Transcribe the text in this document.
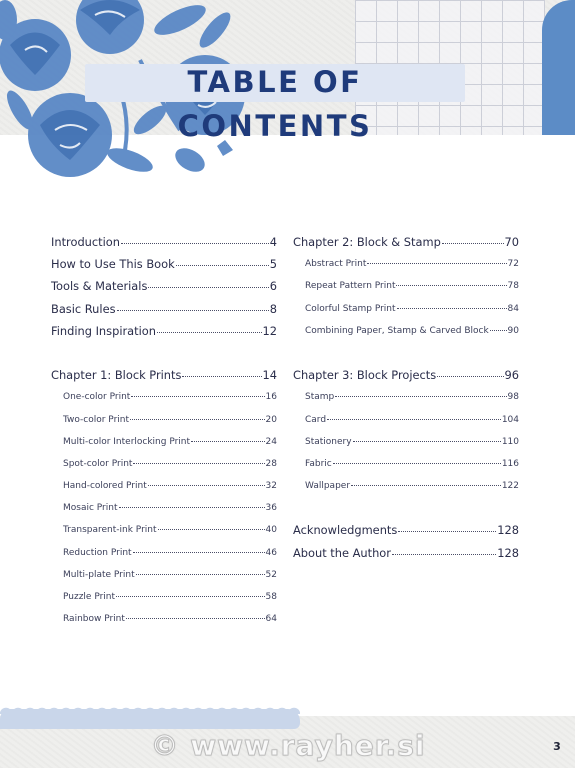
TABLE OF CONTENTS
Introduction	4
How to Use This Book	5
Tools & Materials	6
Basic Rules	8
Finding Inspiration	12
Chapter 1: Block Prints	14
One-color Print	16
Two-color Print	20
Multi-color Interlocking Print	24
Spot-color Print	28
Hand-colored Print	32
Mosaic Print	36
Transparent-ink Print	40
Reduction Print	46
Multi-plate Print	52
Puzzle Print	58
Rainbow Print	64
Chapter 2: Block & Stamp	70
Abstract Print	72
Repeat Pattern Print	78
Colorful Stamp Print	84
Combining Paper, Stamp & Carved Block 90
Chapter 3: Block Projects	96
Stamp	98
Card	104
Stationery	110
Fabric	116
Wallpaper	122
Acknowledgments	128
About the Author	128
© www.rayher.si	3
